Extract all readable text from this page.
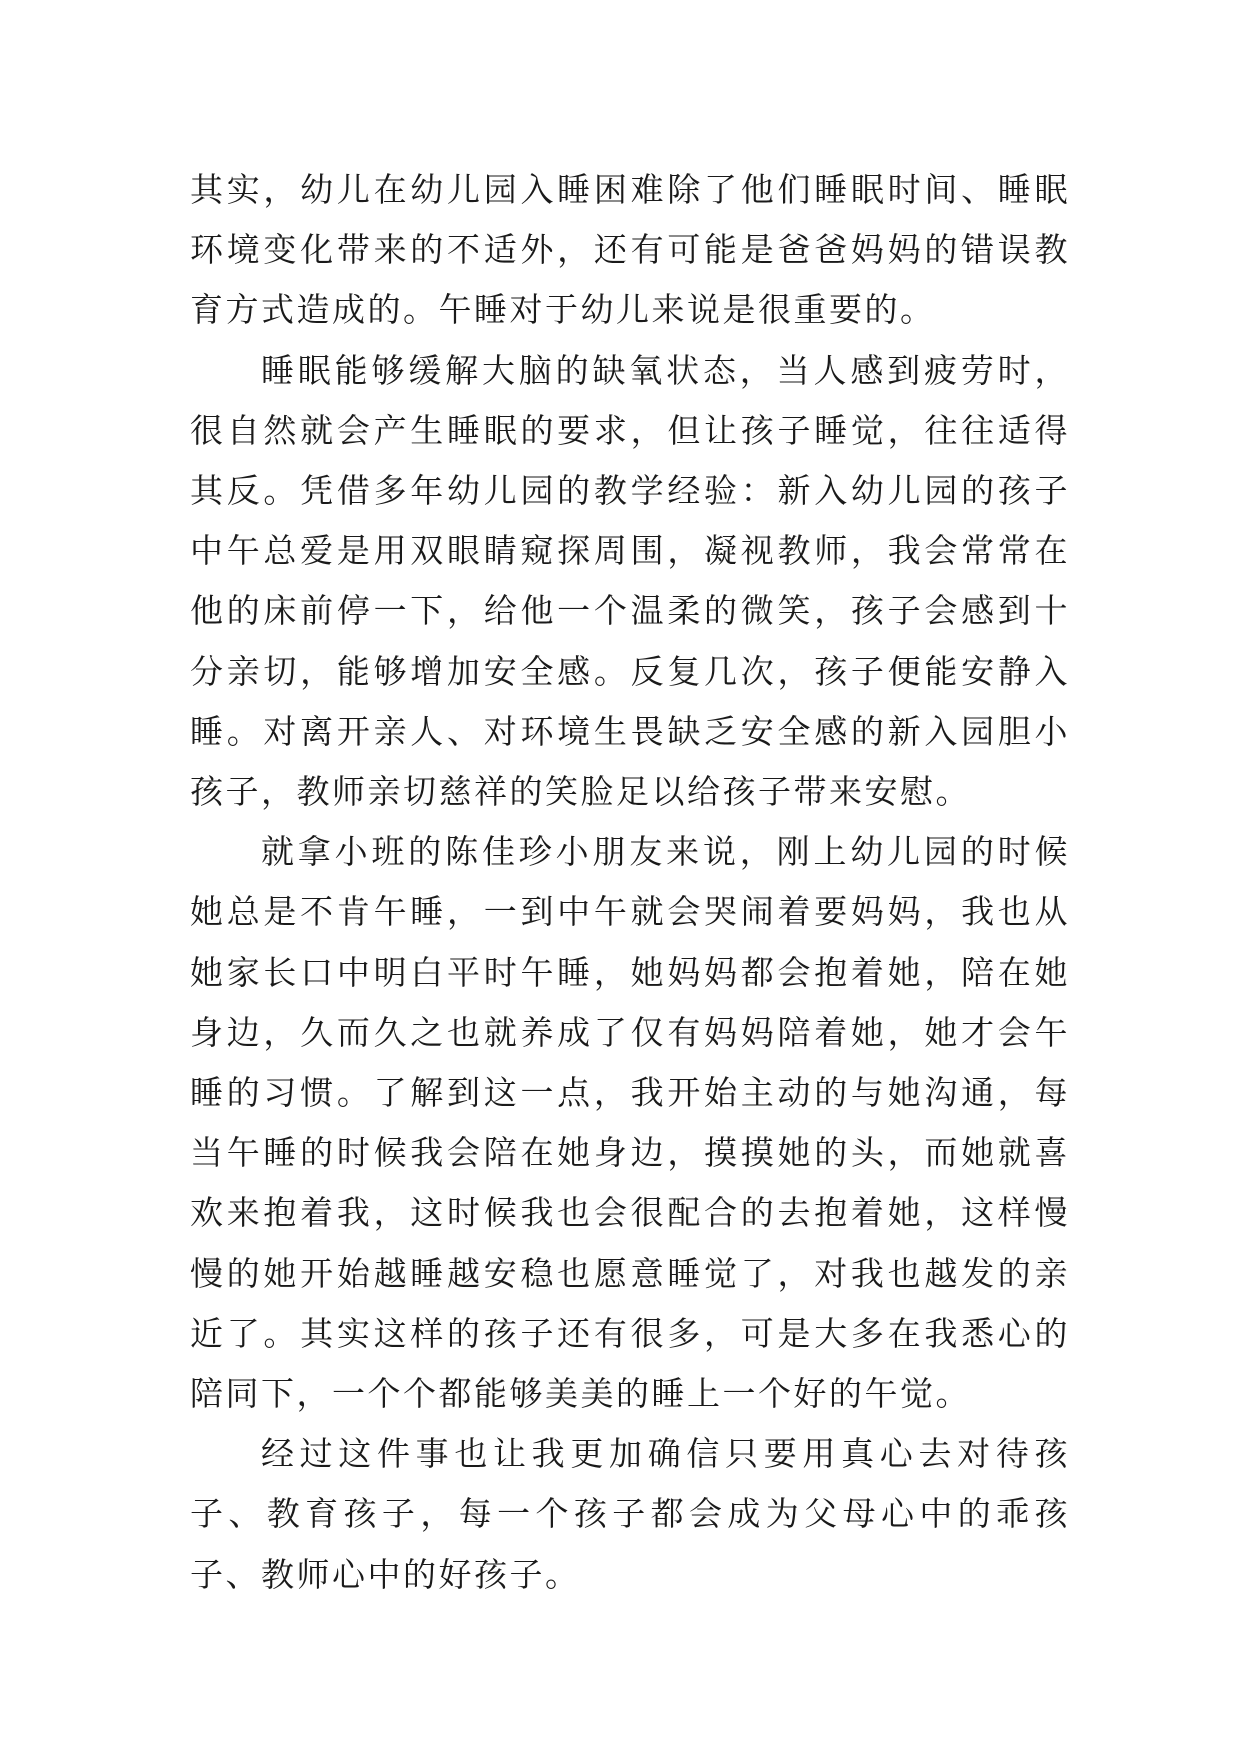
其实，幼儿在幼儿园入睡困难除了他们睡眠时间、睡眠环境变化带来的不适外，还有可能是爸爸妈妈的错误教育方式造成的。午睡对于幼儿来说是很重要的。

睡眠能够缓解大脑的缺氧状态，当人感到疲劳时，很自然就会产生睡眠的要求，但让孩子睡觉，往往适得其反。凭借多年幼儿园的教学经验：新入幼儿园的孩子中午总爱是用双眼睛窥探周围，凝视教师，我会常常在他的床前停一下，给他一个温柔的微笑，孩子会感到十分亲切，能够增加安全感。反复几次，孩子便能安静入睡。对离开亲人、对环境生畏缺乏安全感的新入园胆小孩子，教师亲切慈祥的笑脸足以给孩子带来安慰。

就拿小班的陈佳珍小朋友来说，刚上幼儿园的时候她总是不肯午睡，一到中午就会哭闹着要妈妈，我也从她家长口中明白平时午睡，她妈妈都会抱着她，陪在她身边，久而久之也就养成了仅有妈妈陪着她，她才会午睡的习惯。了解到这一点，我开始主动的与她沟通，每当午睡的时候我会陪在她身边，摸摸她的头，而她就喜欢来抱着我，这时候我也会很配合的去抱着她，这样慢慢的她开始越睡越安稳也愿意睡觉了，对我也越发的亲近了。其实这样的孩子还有很多，可是大多在我悉心的陪同下，一个个都能够美美的睡上一个好的午觉。

经过这件事也让我更加确信只要用真心去对待孩子、教育孩子，每一个孩子都会成为父母心中的乖孩子、教师心中的好孩子。
